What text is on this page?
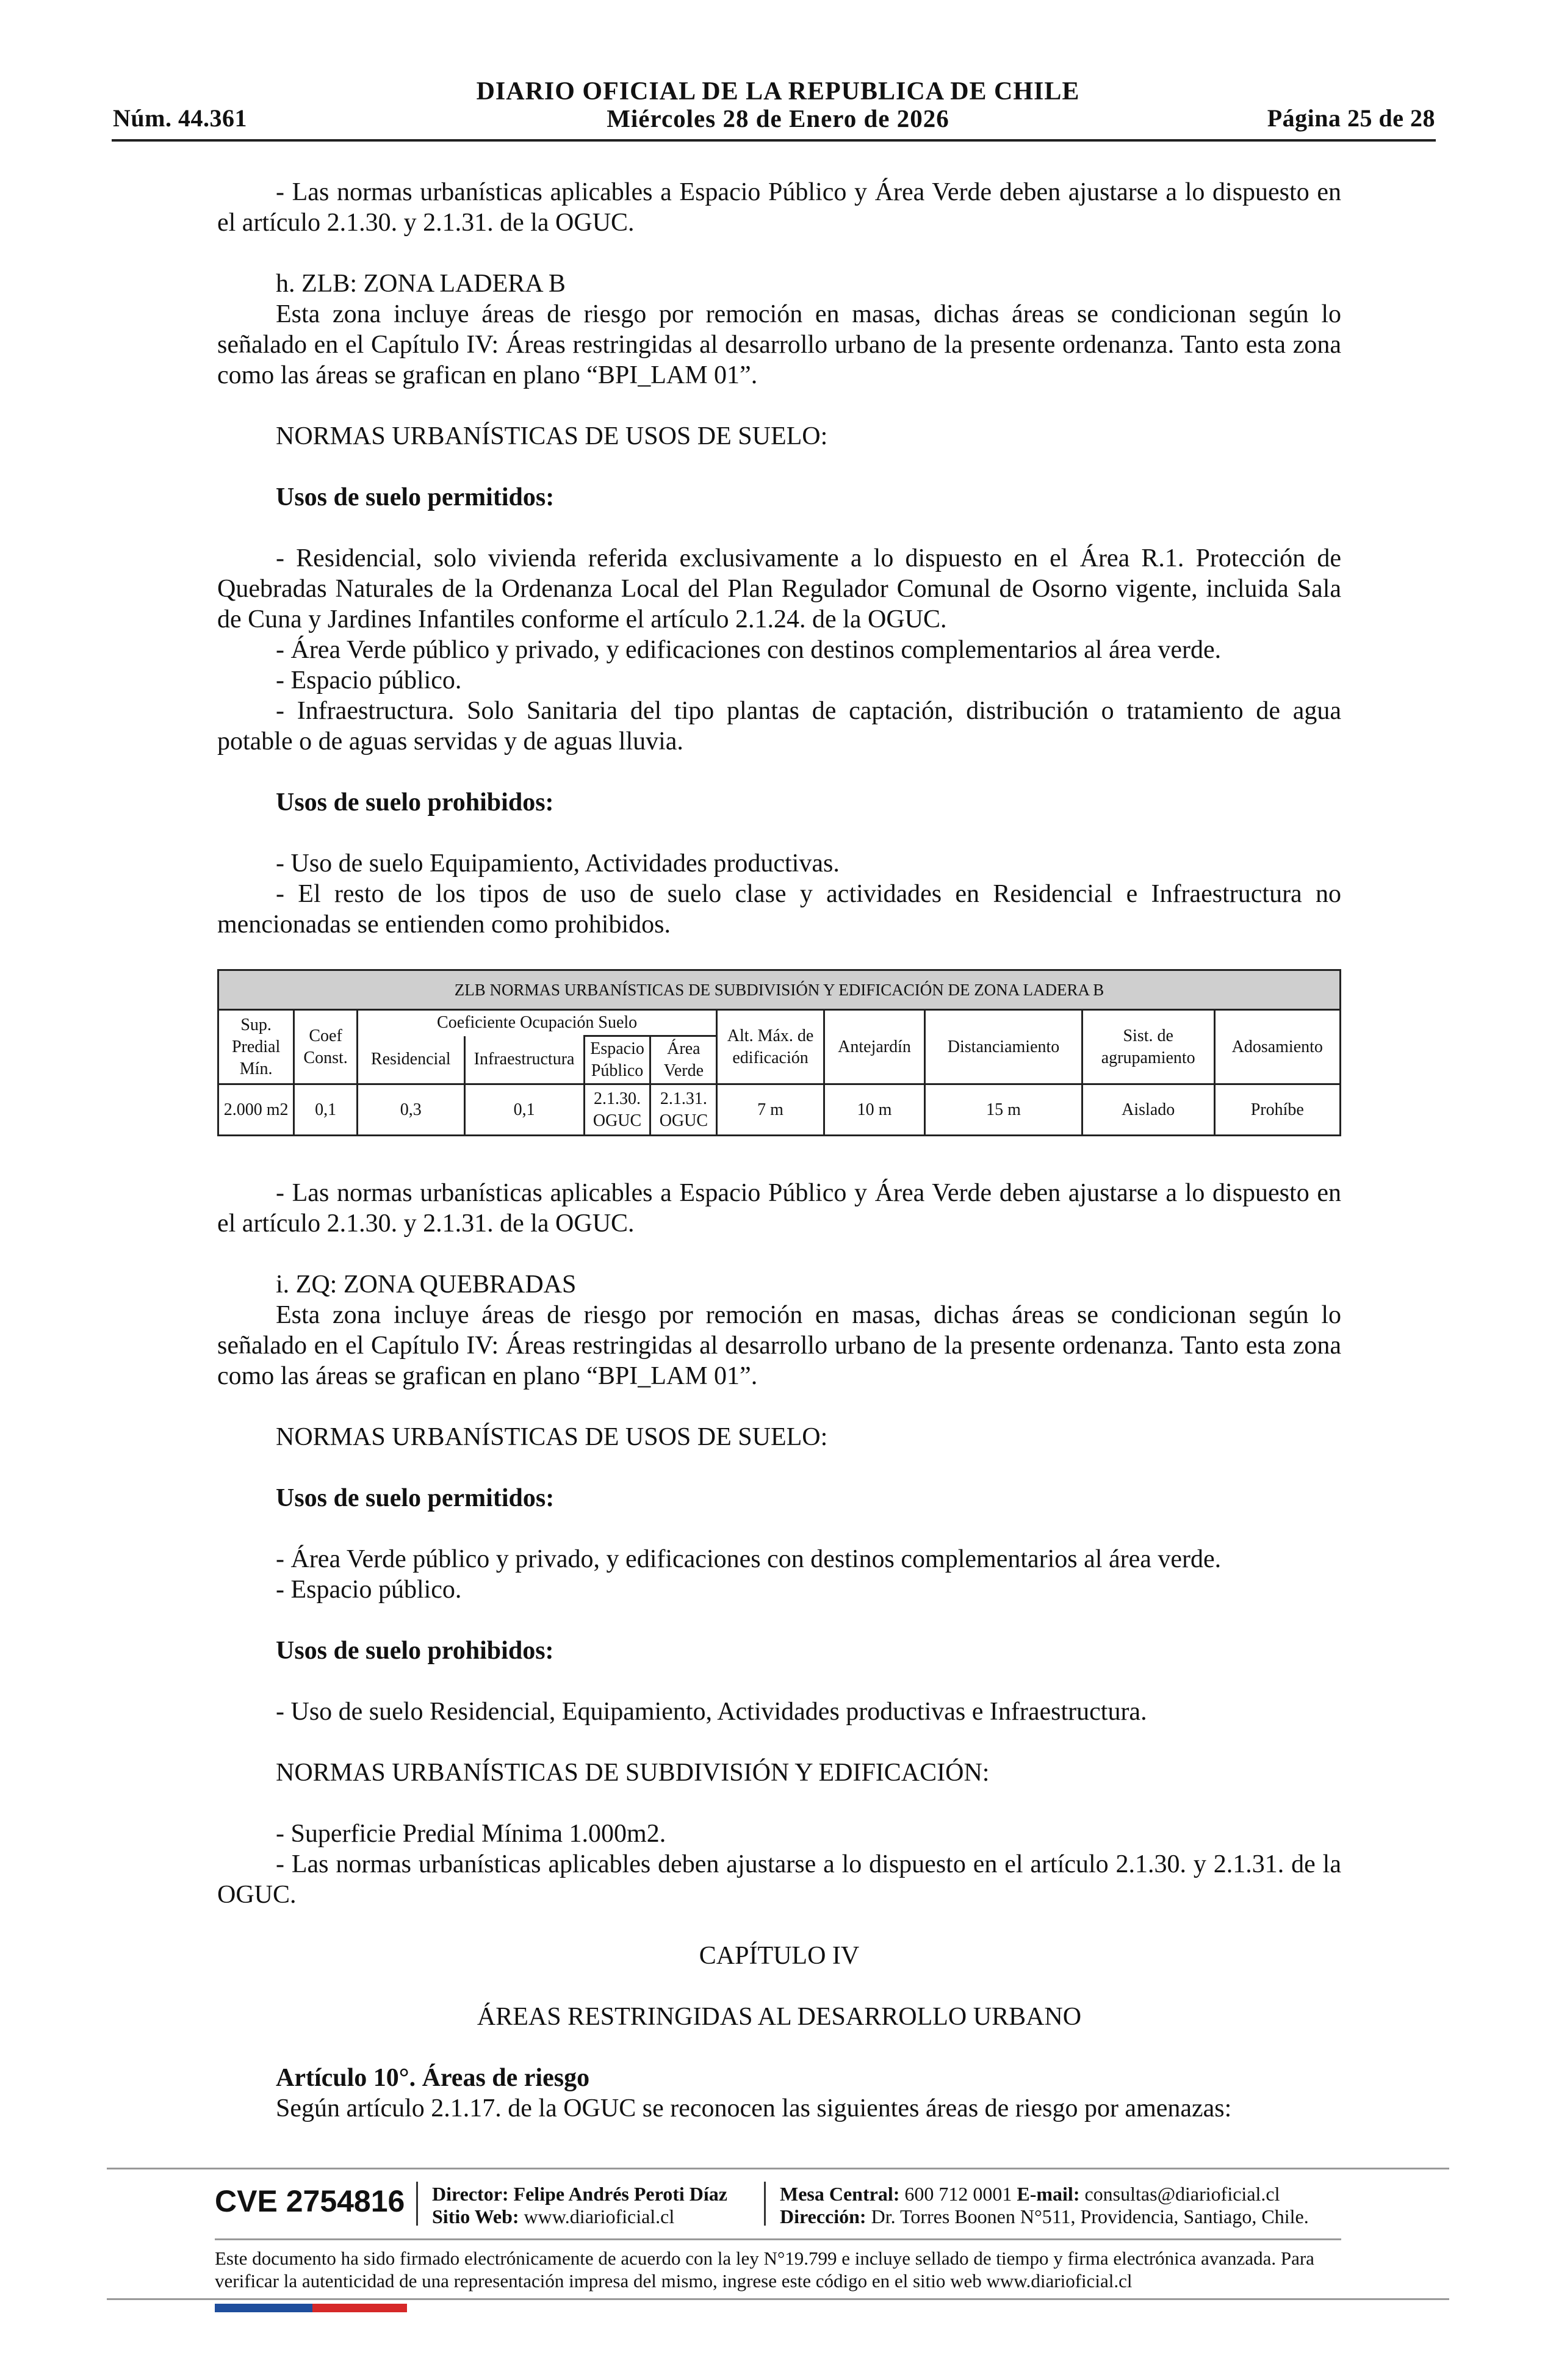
DIARIO OFICIAL DE LA REPUBLICA DE CHILE
Núm. 44.361	Miércoles 28 de Enero de 2026	Página 25 de 28

- Las normas urbanísticas aplicables a Espacio Público y Área Verde deben ajustarse a lo dispuesto en el artículo 2.1.30. y 2.1.31. de la OGUC.

h. ZLB: ZONA LADERA B

Esta zona incluye áreas de riesgo por remoción en masas, dichas áreas se condicionan según lo señalado en el Capítulo IV: Áreas restringidas al desarrollo urbano de la presente ordenanza. Tanto esta zona como las áreas se grafican en plano “BPI_LAM 01”.

NORMAS URBANÍSTICAS DE USOS DE SUELO:

Usos de suelo permitidos:

- Residencial, solo vivienda referida exclusivamente a lo dispuesto en el Área R.1. Protección de Quebradas Naturales de la Ordenanza Local del Plan Regulador Comunal de Osorno vigente, incluida Sala de Cuna y Jardines Infantiles conforme el artículo 2.1.24. de la OGUC.

- Área Verde público y privado, y edificaciones con destinos complementarios al área verde.

- Espacio público.

- Infraestructura. Solo Sanitaria del tipo plantas de captación, distribución o tratamiento de agua potable o de aguas servidas y de aguas lluvia.

Usos de suelo prohibidos:

- Uso de suelo Equipamiento, Actividades productivas.

- El resto de los tipos de uso de suelo clase y actividades en Residencial e Infraestructura no mencionadas se entienden como prohibidos.

ZLB NORMAS URBANÍSTICAS DE SUBDIVISIÓN Y EDIFICACIÓN DE ZONA LADERA B										
Sup. Predial Mín.	Coef Const.	Coeficiente Ocupación Suelo				Alt. Máx. de edificación	Antejardín	Distanciamiento	Sist. de agrupamiento	Adosamiento
		Residencial	Infraestructura	Espacio Público	Área Verde					
2.000 m2	0,1	0,3	0,1	2.1.30. OGUC	2.1.31. OGUC	7 m	10 m	15 m	Aislado	Prohíbe

- Las normas urbanísticas aplicables a Espacio Público y Área Verde deben ajustarse a lo dispuesto en el artículo 2.1.30. y 2.1.31. de la OGUC.

i. ZQ: ZONA QUEBRADAS

Esta zona incluye áreas de riesgo por remoción en masas, dichas áreas se condicionan según lo señalado en el Capítulo IV: Áreas restringidas al desarrollo urbano de la presente ordenanza. Tanto esta zona como las áreas se grafican en plano “BPI_LAM 01”.

NORMAS URBANÍSTICAS DE USOS DE SUELO:

Usos de suelo permitidos:

- Área Verde público y privado, y edificaciones con destinos complementarios al área verde.

- Espacio público.

Usos de suelo prohibidos:

- Uso de suelo Residencial, Equipamiento, Actividades productivas e Infraestructura.

NORMAS URBANÍSTICAS DE SUBDIVISIÓN Y EDIFICACIÓN:

- Superficie Predial Mínima 1.000m2.

- Las normas urbanísticas aplicables deben ajustarse a lo dispuesto en el artículo 2.1.30. y 2.1.31. de la OGUC.

CAPÍTULO IV

ÁREAS RESTRINGIDAS AL DESARROLLO URBANO

Artículo 10°. Áreas de riesgo

Según artículo 2.1.17. de la OGUC se reconocen las siguientes áreas de riesgo por amenazas:

CVE 2754816 Director: Felipe Andrés Peroti Díaz
Sitio Web: www.diarioficial.cl
Mesa Central: 600 712 0001 E-mail: consultas@diarioficial.cl
Dirección: Dr. Torres Boonen N°511, Providencia, Santiago, Chile.
Este documento ha sido firmado electrónicamente de acuerdo con la ley N°19.799 e incluye sellado de tiempo y firma electrónica avanzada. Para verificar la autenticidad de una representación impresa del mismo, ingrese este código en el sitio web www.diarioficial.cl
